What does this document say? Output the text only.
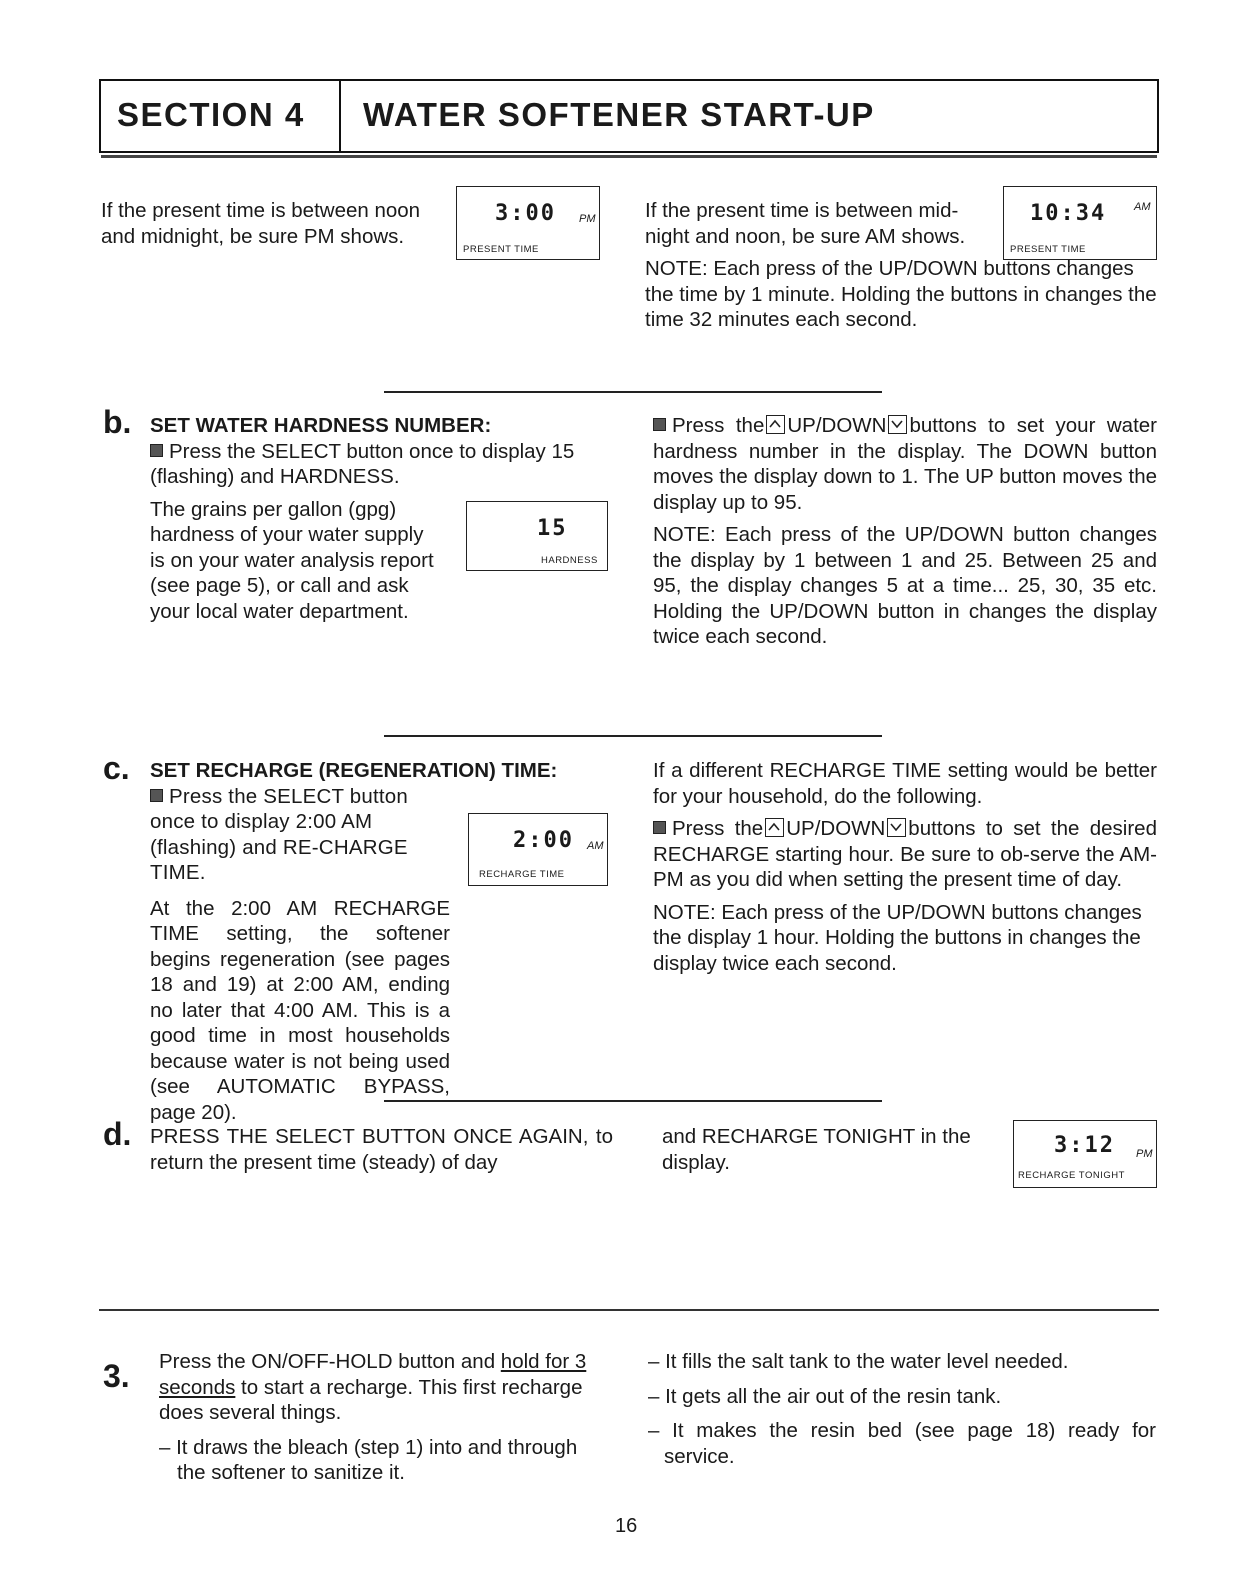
SECTION 4 WATER SOFTENER START-UP

If the present time is between noon and midnight, be sure PM shows.

3:00 PM
PRESENT TIME

If the present time is between mid-night and noon, be sure AM shows.

10:34	AM
PRESENT TIME

NOTE: Each press of the UP/DOWN buttons changes the time by 1 minute. Holding the buttons in changes the time 32 minutes each second.

b. SET WATER HARDNESS NUMBER:

Press the SELECT button once to display 15 (flashing) and HARDNESS.

The grains per gallon (gpg) hardness of your water supply is on your water analysis report (see page 5), or call and ask your local water department.

15
HARDNESS

Press the UP/DOWN buttons to set your water hardness number in the display. The DOWN button moves the display down to 1. The UP button moves the display up to 95.

NOTE: Each press of the UP/DOWN button changes the display by 1 between 1 and 25. Between 25 and 95, the display changes 5 at a time... 25, 30, 35 etc. Holding the UP/DOWN button in changes the display twice each second.

c. SET RECHARGE (REGENERATION) TIME:

Press the SELECT button once to display 2:00 AM (flashing) and RE-CHARGE TIME.

At the 2:00 AM RECHARGE TIME setting, the softener begins regeneration (see pages 18 and 19) at 2:00 AM, ending no later that 4:00 AM. This is a good time in most households because water is not being used (see AUTOMATIC BYPASS, page 20).

2:00 AM
RECHARGE TIME

If a different RECHARGE TIME setting would be better for your household, do the following.

Press the UP/DOWN buttons to set the desired RECHARGE starting hour. Be sure to ob-serve the AM-PM as you did when setting the present time of day.

NOTE: Each press of the UP/DOWN buttons changes the display 1 hour. Holding the buttons in changes the display twice each second.

d. PRESS THE SELECT BUTTON ONCE AGAIN, to return the present time (steady) of day

and RECHARGE TONIGHT in the display.

3:12 PM
RECHARGE TONIGHT
3. Press the ON/OFF-HOLD button and hold for 3 seconds to start a recharge. This first recharge does several things.

– It draws the bleach (step 1) into and through the softener to sanitize it.

– It fills the salt tank to the water level needed.

– It gets all the air out of the resin tank.

– It makes the resin bed (see page 18) ready for service.

16
